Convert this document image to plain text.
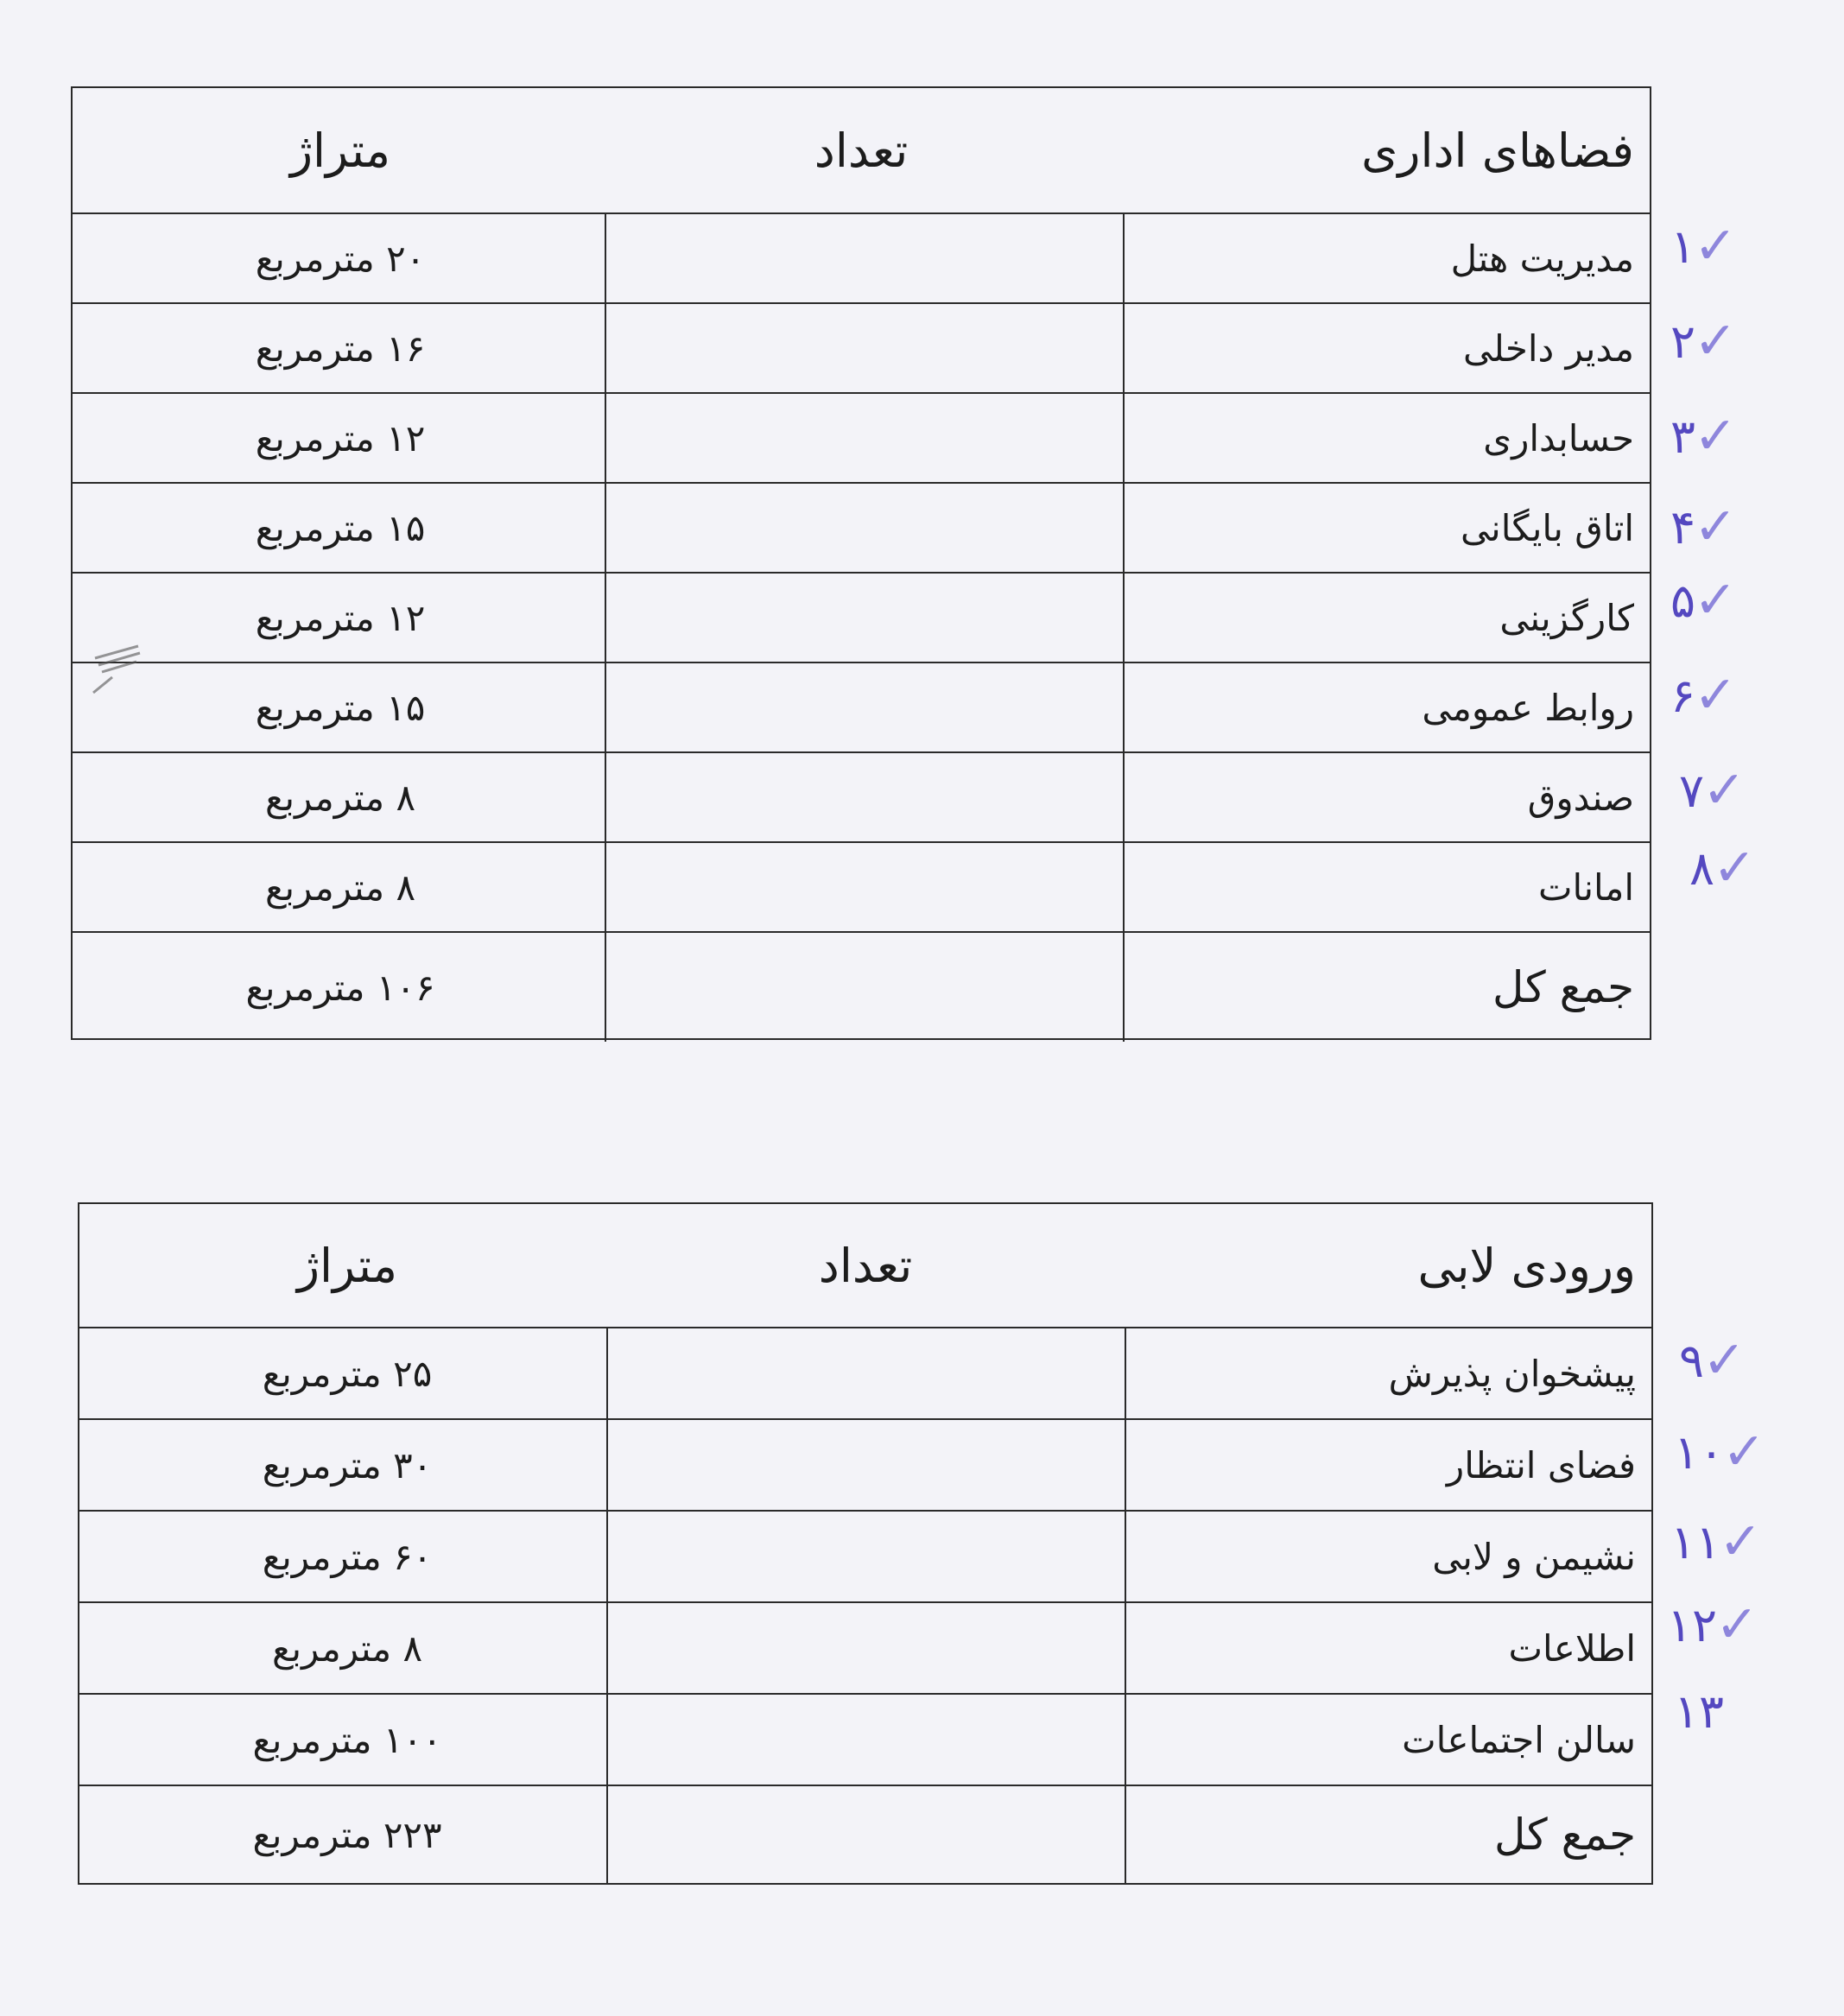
فضاهای اداری
تعداد
متراژ
مدیریت هتل
۲۰ مترمربع
مدیر داخلی
۱۶ مترمربع
حسابداری
۱۲ مترمربع
اتاق بایگانی
۱۵ مترمربع
کارگزینی
۱۲ مترمربع
روابط عمومی
۱۵ مترمربع
صندوق
۸ مترمربع
امانات
۸ مترمربع
جمع کل
۱۰۶ مترمربع
ورودی لابی
تعداد
متراژ
پیشخوان پذیرش
۲۵ مترمربع
فضای انتظار
۳۰ مترمربع
نشیمن و لابی
۶۰ مترمربع
اطلاعات
۸ مترمربع
سالن اجتماعات
۱۰۰ مترمربع
جمع کل
۲۲۳ مترمربع
۱
✓
۲
✓
۳
✓
۴
✓
۵
✓
۶
✓
۷
✓
۸
✓
۹
✓
۱۰
✓
۱۱
✓
۱۲
✓
۱۳
